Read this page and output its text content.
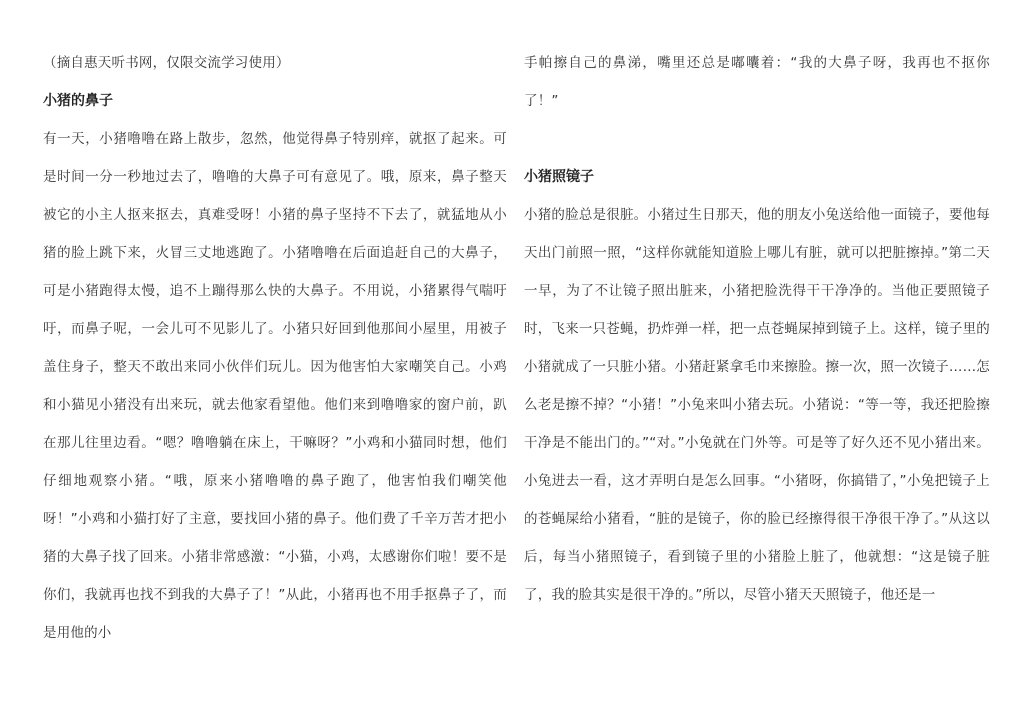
（摘自惠天听书网，仅限交流学习使用）

小猪的鼻子

有一天，小猪噜噜在路上散步，忽然，他觉得鼻子特别痒，就抠了起来。可是时间一分一秒地过去了，噜噜的大鼻子可有意见了。哦，原来，鼻子整天被它的小主人抠来抠去，真难受呀！小猪的鼻子坚持不下去了，就猛地从小猪的脸上跳下来，火冒三丈地逃跑了。小猪噜噜在后面追赶自己的大鼻子，可是小猪跑得太慢，追不上蹦得那么快的大鼻子。不用说，小猪累得气喘吁吁，而鼻子呢，一会儿可不见影儿了。小猪只好回到他那间小屋里，用被子盖住身子，整天不敢出来同小伙伴们玩儿。因为他害怕大家嘲笑自己。小鸡和小猫见小猪没有出来玩，就去他家看望他。他们来到噜噜家的窗户前，趴在那儿往里边看。“嗯？噜噜躺在床上，干嘛呀？”小鸡和小猫同时想，他们仔细地观察小猪。“哦，原来小猪噜噜的鼻子跑了，他害怕我们嘲笑他呀！”小鸡和小猫打好了主意，要找回小猪的鼻子。他们费了千辛万苦才把小猪的大鼻子找了回来。小猪非常感激：“小猫，小鸡，太感谢你们啦！要不是你们，我就再也找不到我的大鼻子了！”从此，小猪再也不用手抠鼻子了，而是用他的小

手帕擦自己的鼻涕，嘴里还总是嘟囔着：“我的大鼻子呀，我再也不抠你了！”

小猪照镜子

小猪的脸总是很脏。小猪过生日那天，他的朋友小兔送给他一面镜子，要他每天出门前照一照，“这样你就能知道脸上哪儿有脏，就可以把脏擦掉。”第二天一早，为了不让镜子照出脏来，小猪把脸洗得干干净净的。当他正要照镜子时，飞来一只苍蝇，扔炸弹一样，把一点苍蝇屎掉到镜子上。这样，镜子里的小猪就成了一只脏小猪。小猪赶紧拿毛巾来擦脸。擦一次，照一次镜子……怎么老是擦不掉？“小猪！”小兔来叫小猪去玩。小猪说：“等一等，我还把脸擦干净是不能出门的。”“对。”小兔就在门外等。可是等了好久还不见小猪出来。小兔进去一看，这才弄明白是怎么回事。“小猪呀，你搞错了，”小兔把镜子上的苍蝇屎给小猪看，“脏的是镜子，你的脸已经擦得很干净很干净了。”从这以后，每当小猪照镜子，看到镜子里的小猪脸上脏了，他就想：“这是镜子脏了，我的脸其实是很干净的。”所以，尽管小猪天天照镜子，他还是一
